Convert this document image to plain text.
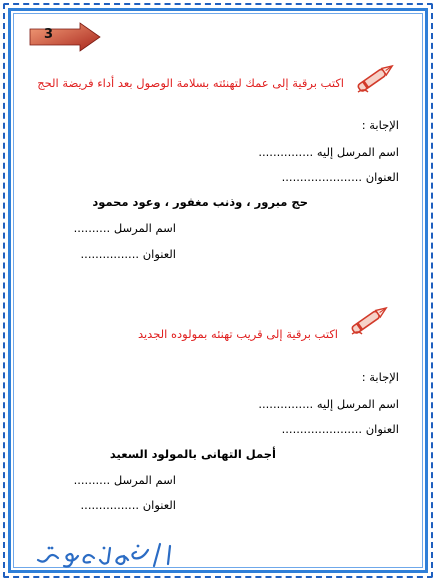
3
اكتب برقية إلى عمك لتهنئته بسلامة الوصول بعد أداء فريضة الحج
الإجابة :
اسم المرسل إليه ...............
العنوان ......................
حج مبرور ، وذنب مغفور ، وعود محمود
اسم المرسل ..........
العنوان ................
اكتب برقية إلى قريب تهنئه بمولوده الجديد
الإجابة :
اسم المرسل إليه ...............
العنوان ......................
أجمل التهانى بالمولود السعيد
اسم المرسل ..........
العنوان ................
